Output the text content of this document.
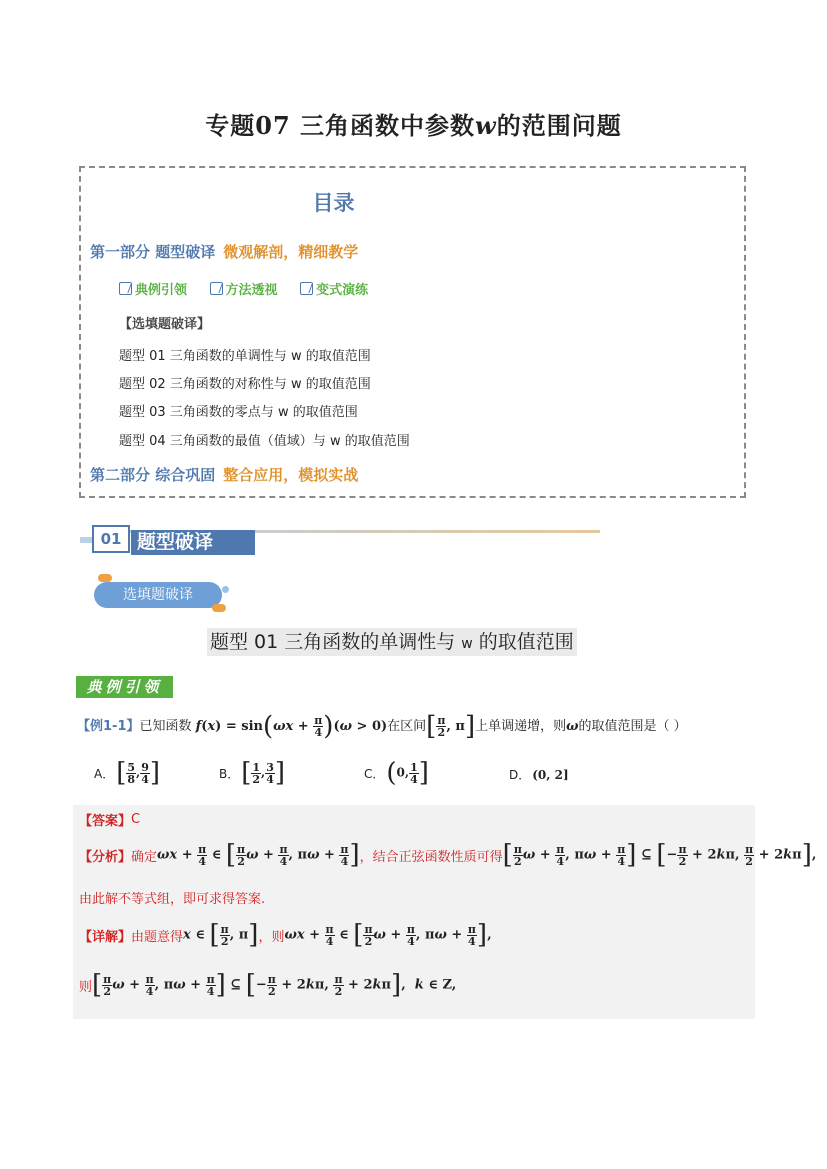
专题07 三角函数中参数w的范围问题
目录
第一部分 题型破译 微观解剖，精细教学
典例引领
	方法透视
	变式演练
【选填题破译】
题型 01 三角函数的单调性与 w 的取值范围
题型 02 三角函数的对称性与 w 的取值范围
题型 03 三角函数的零点与 w 的取值范围
题型 04 三角函数的最值（值域）与 w 的取值范围
第二部分 综合巩固 整合应用，模拟实战
题型破译
01
选填题破译
题型 01 三角函数的单调性与 w 的取值范围
典例引领
【例1-1】已知函数 $f(x) = \sin(\omega x + \frac{\pi}{4} )(\omega > 0)$在区间[ $\frac{\pi}{2}$ , π]上单调递增，则ω的取值范围是（ ）
A． [ $\frac{5}{8}$ , $\frac{9}{4}$ ]	B． [ $\frac{1}{2}$ , $\frac{3}{4}$ ]	C． (0, $\frac{1}{4}$ ]	D． (0, 2]
【答案】 C
【分析】 确定 $\omega x + \frac{\pi}{4}$ ∈ [ $\frac{\pi}{2}$ $\omega + \frac{\pi}{4}$ , $\pi\omega + \frac{\pi}{4}$ ] ，结合正弦函数性质可得 [ $\frac{\pi}{2}$ $\omega + \frac{\pi}{4}$ , $\pi\omega + \frac{\pi}{4}$ ] ⊆ [− $\frac{\pi}{2} + 2k\pi$, $\frac{\pi}{2} + 2k\pi$],
由此解不等式组，即可求得答案.
【详解】 由题意得 x ∈ [ $\frac{\pi}{2}$ , π] ，则 $\omega x + \frac{\pi}{4}$ ∈ [ $\frac{\pi}{2}$ $\omega + \frac{\pi}{4}$ , $\pi\omega + \frac{\pi}{4}$ ],
则 [ $\frac{\pi}{2}$ $\omega + \frac{\pi}{4}$ , $\pi\omega + \frac{\pi}{4}$ ] ⊆ [− $\frac{\pi}{2} + 2k\pi$, $\frac{\pi}{2} + 2k\pi$],  k ∈ Z,
